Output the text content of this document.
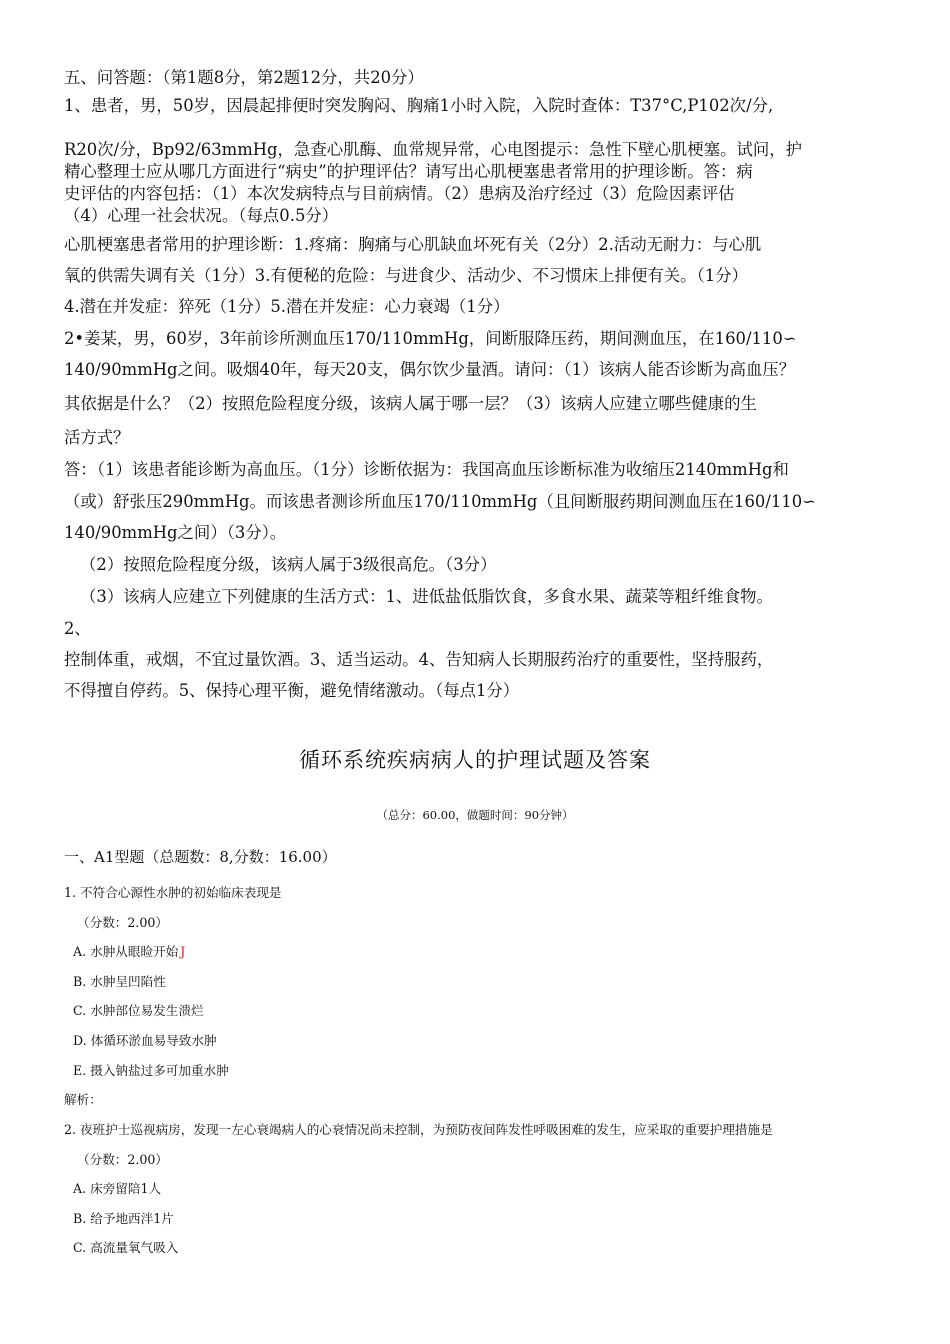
五、问答题：（第1题8分，第2题12分，共20分）
1、患者，男，50岁，因晨起排便时突发胸闷、胸痛1小时入院，入院时查体：T37°C,P102次/分,
R20次/分，Bp92/63mmHg，急查心肌酶、血常规异常，心电图提示：急性下壁心肌梗塞。试问，护
精心整理士应从哪几方面进行“病史”的护理评估？请写出心肌梗塞患者常用的护理诊断。答：病
史评估的内容包括：（1）本次发病特点与目前病情。（2）患病及治疗经过（3）危险因素评估
（4）心理一社会状况。（每点0.5分）
心肌梗塞患者常用的护理诊断：1.疼痛：胸痛与心肌缺血坏死有关（2分）2.活动无耐力：与心肌
氧的供需失调有关（1分）3.有便秘的危险：与进食少、活动少、不习惯床上排便有关。（1分）
4.潜在并发症：猝死（1分）5.潜在并发症：心力衰竭（1分）
2•姜某，男，60岁，3年前诊所测血压170/110mmHg，间断服降压药，期间测血压，在160/110∽
140/90mmHg之间。吸烟40年，每天20支，偶尔饮少量酒。请问：（1）该病人能否诊断为高血压？
其依据是什么？（2）按照危险程度分级，该病人属于哪一层？（3）该病人应建立哪些健康的生
活方式？
答：（1）该患者能诊断为高血压。（1分）诊断依据为：我国高血压诊断标准为收缩压2140mmHg和
（或）舒张压290mmHg。而该患者测诊所血压170/110mmHg（且间断服药期间测血压在160/110∽
140/90mmHg之间）（3分）。
（2）按照危险程度分级，该病人属于3级很高危。（3分）
（3）该病人应建立下列健康的生活方式：1、进低盐低脂饮食，多食水果、蔬菜等粗纤维食物。
2、
控制体重，戒烟，不宜过量饮酒。3、适当运动。4、告知病人长期服药治疗的重要性，坚持服药，
不得擅自停药。5、保持心理平衡，避免情绪激动。（每点1分）
循环系统疾病病人的护理试题及答案
（总分：60.00，做题时间：90分钟）
一、A1型题（总题数：8,分数：16.00）
1. 不符合心源性水肿的初始临床表现是
（分数：2.00）
A. 水肿从眼睑开始 J
B. 水肿呈凹陷性
C. 水肿部位易发生溃烂
D. 体循环淤血易导致水肿
E. 摄入钠盐过多可加重水肿
解析：
2. 夜班护士巡视病房，发现一左心衰竭病人的心衰情况尚未控制，为预防夜间阵发性呼吸困难的发生，应采取的重要护理措施是
（分数：2.00）
A. 床旁留陪1人
B. 给予地西泮1片
C. 高流量氧气吸入
